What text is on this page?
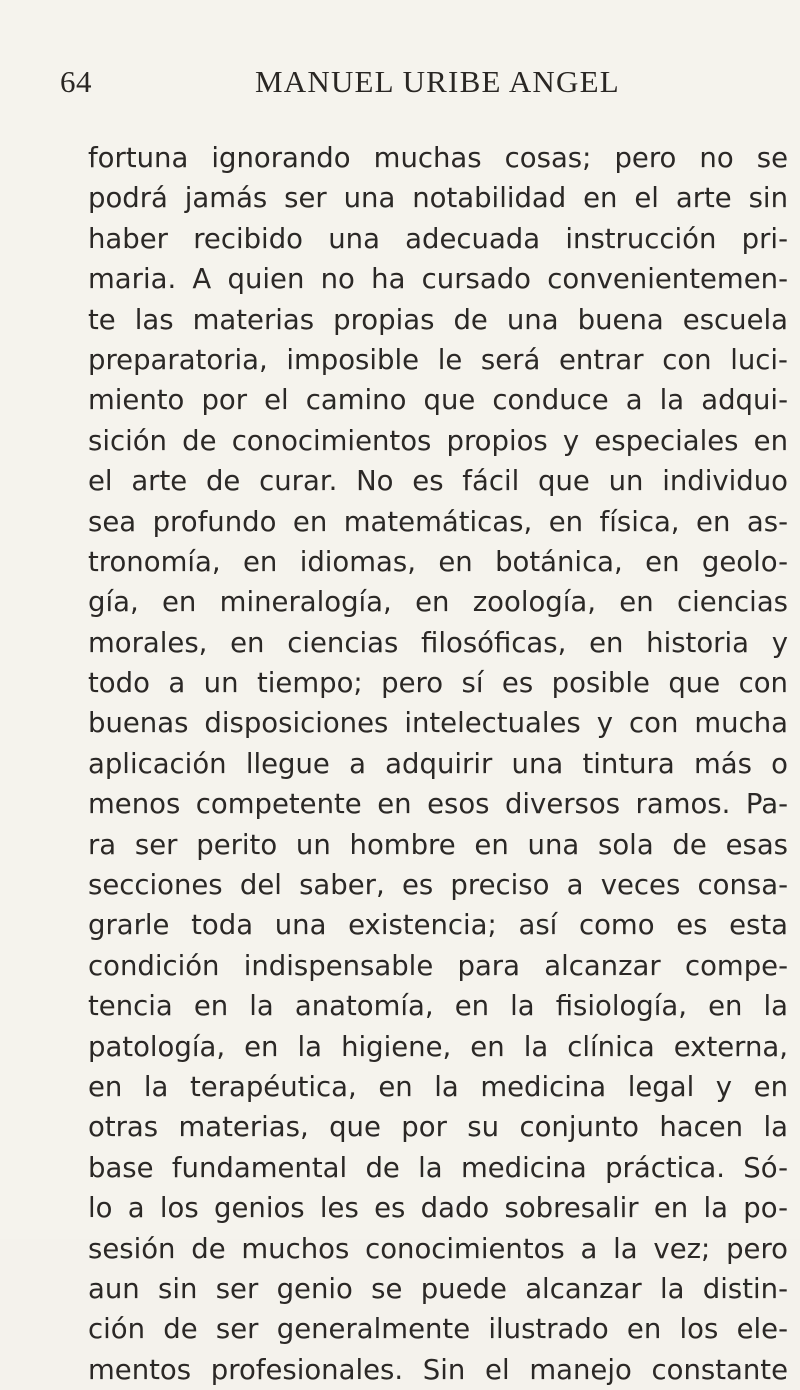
64	MANUEL URIBE ANGEL
fortuna ignorando muchas cosas; pero no se
podrá jamás ser una notabilidad en el arte sin
haber recibido una adecuada instrucción pri-
maria. A quien no ha cursado convenientemen-
te las materias propias de una buena escuela
preparatoria, imposible le será entrar con luci-
miento por el camino que conduce a la adqui-
sición de conocimientos propios y especiales en
el arte de curar. No es fácil que un individuo
sea profundo en matemáticas, en física, en as-
tronomía, en idiomas, en botánica, en geolo-
gía, en mineralogía, en zoología, en ciencias
morales, en ciencias filosóficas, en historia y
todo a un tiempo; pero sí es posible que con
buenas disposiciones intelectuales y con mucha
aplicación llegue a adquirir una tintura más o
menos competente en esos diversos ramos. Pa-
ra ser perito un hombre en una sola de esas
secciones del saber, es preciso a veces consa-
grarle toda una existencia; así como es esta
condición indispensable para alcanzar compe-
tencia en la anatomía, en la fisiología, en la
patología, en la higiene, en la clínica externa,
en la terapéutica, en la medicina legal y en
otras materias, que por su conjunto hacen la
base fundamental de la medicina práctica. Só-
lo a los genios les es dado sobresalir en la po-
sesión de muchos conocimientos a la vez; pero
aun sin ser genio se puede alcanzar la distin-
ción de ser generalmente ilustrado en los ele-
mentos profesionales. Sin el manejo constante
